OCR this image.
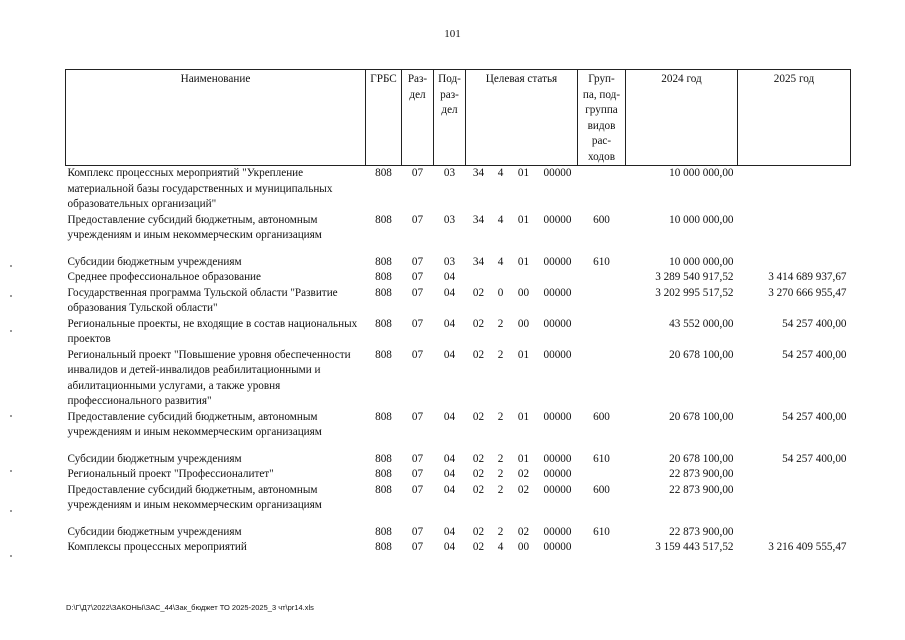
101
Наименование	ГРБС	Раз- дел	Под- раз- дел	Целевая статья				Груп- па, под- группа видов рас- ходов	2024 год	2025 год
Комплекс процессных мероприятий "Укрепление материальной базы государственных и муниципальных образовательных организаций"	808	07	03	34	4	01	00000		10 000 000,00	
Предоставление субсидий бюджетным, автономным учреждениям и иным некоммерческим организациям	808	07	03	34	4	01	00000	600	10 000 000,00	
Субсидии бюджетным учреждениям	808	07	03	34	4	01	00000	610	10 000 000,00	
Среднее профессиональное образование	808	07	04						3 289 540 917,52	3 414 689 937,67
Государственная программа Тульской области "Развитие образования Тульской области"	808	07	04	02	0	00	00000		3 202 995 517,52	3 270 666 955,47
Региональные проекты, не входящие в состав национальных проектов	808	07	04	02	2	00	00000		43 552 000,00	54 257 400,00
Региональный проект "Повышение уровня обеспеченности инвалидов и детей-инвалидов реабилитационными и абилитационными услугами, а также уровня профессионального развития"	808	07	04	02	2	01	00000		20 678 100,00	54 257 400,00
Предоставление субсидий бюджетным, автономным учреждениям и иным некоммерческим организациям	808	07	04	02	2	01	00000	600	20 678 100,00	54 257 400,00
Субсидии бюджетным учреждениям	808	07	04	02	2	01	00000	610	20 678 100,00	54 257 400,00
Региональный проект "Профессионалитет"	808	07	04	02	2	02	00000		22 873 900,00	
Предоставление субсидий бюджетным, автономным учреждениям и иным некоммерческим организациям	808	07	04	02	2	02	00000	600	22 873 900,00	
Субсидии бюджетным учреждениям	808	07	04	02	2	02	00000	610	22 873 900,00	
Комплексы процессных мероприятий	808	07	04	02	4	00	00000		3 159 443 517,52	3 216 409 555,47
D:\Г\Д7\2022\ЗАКОНЫ\ЗАС_44\Зак_бюджет ТО 2025-2025_3 чт\pr14.xls
